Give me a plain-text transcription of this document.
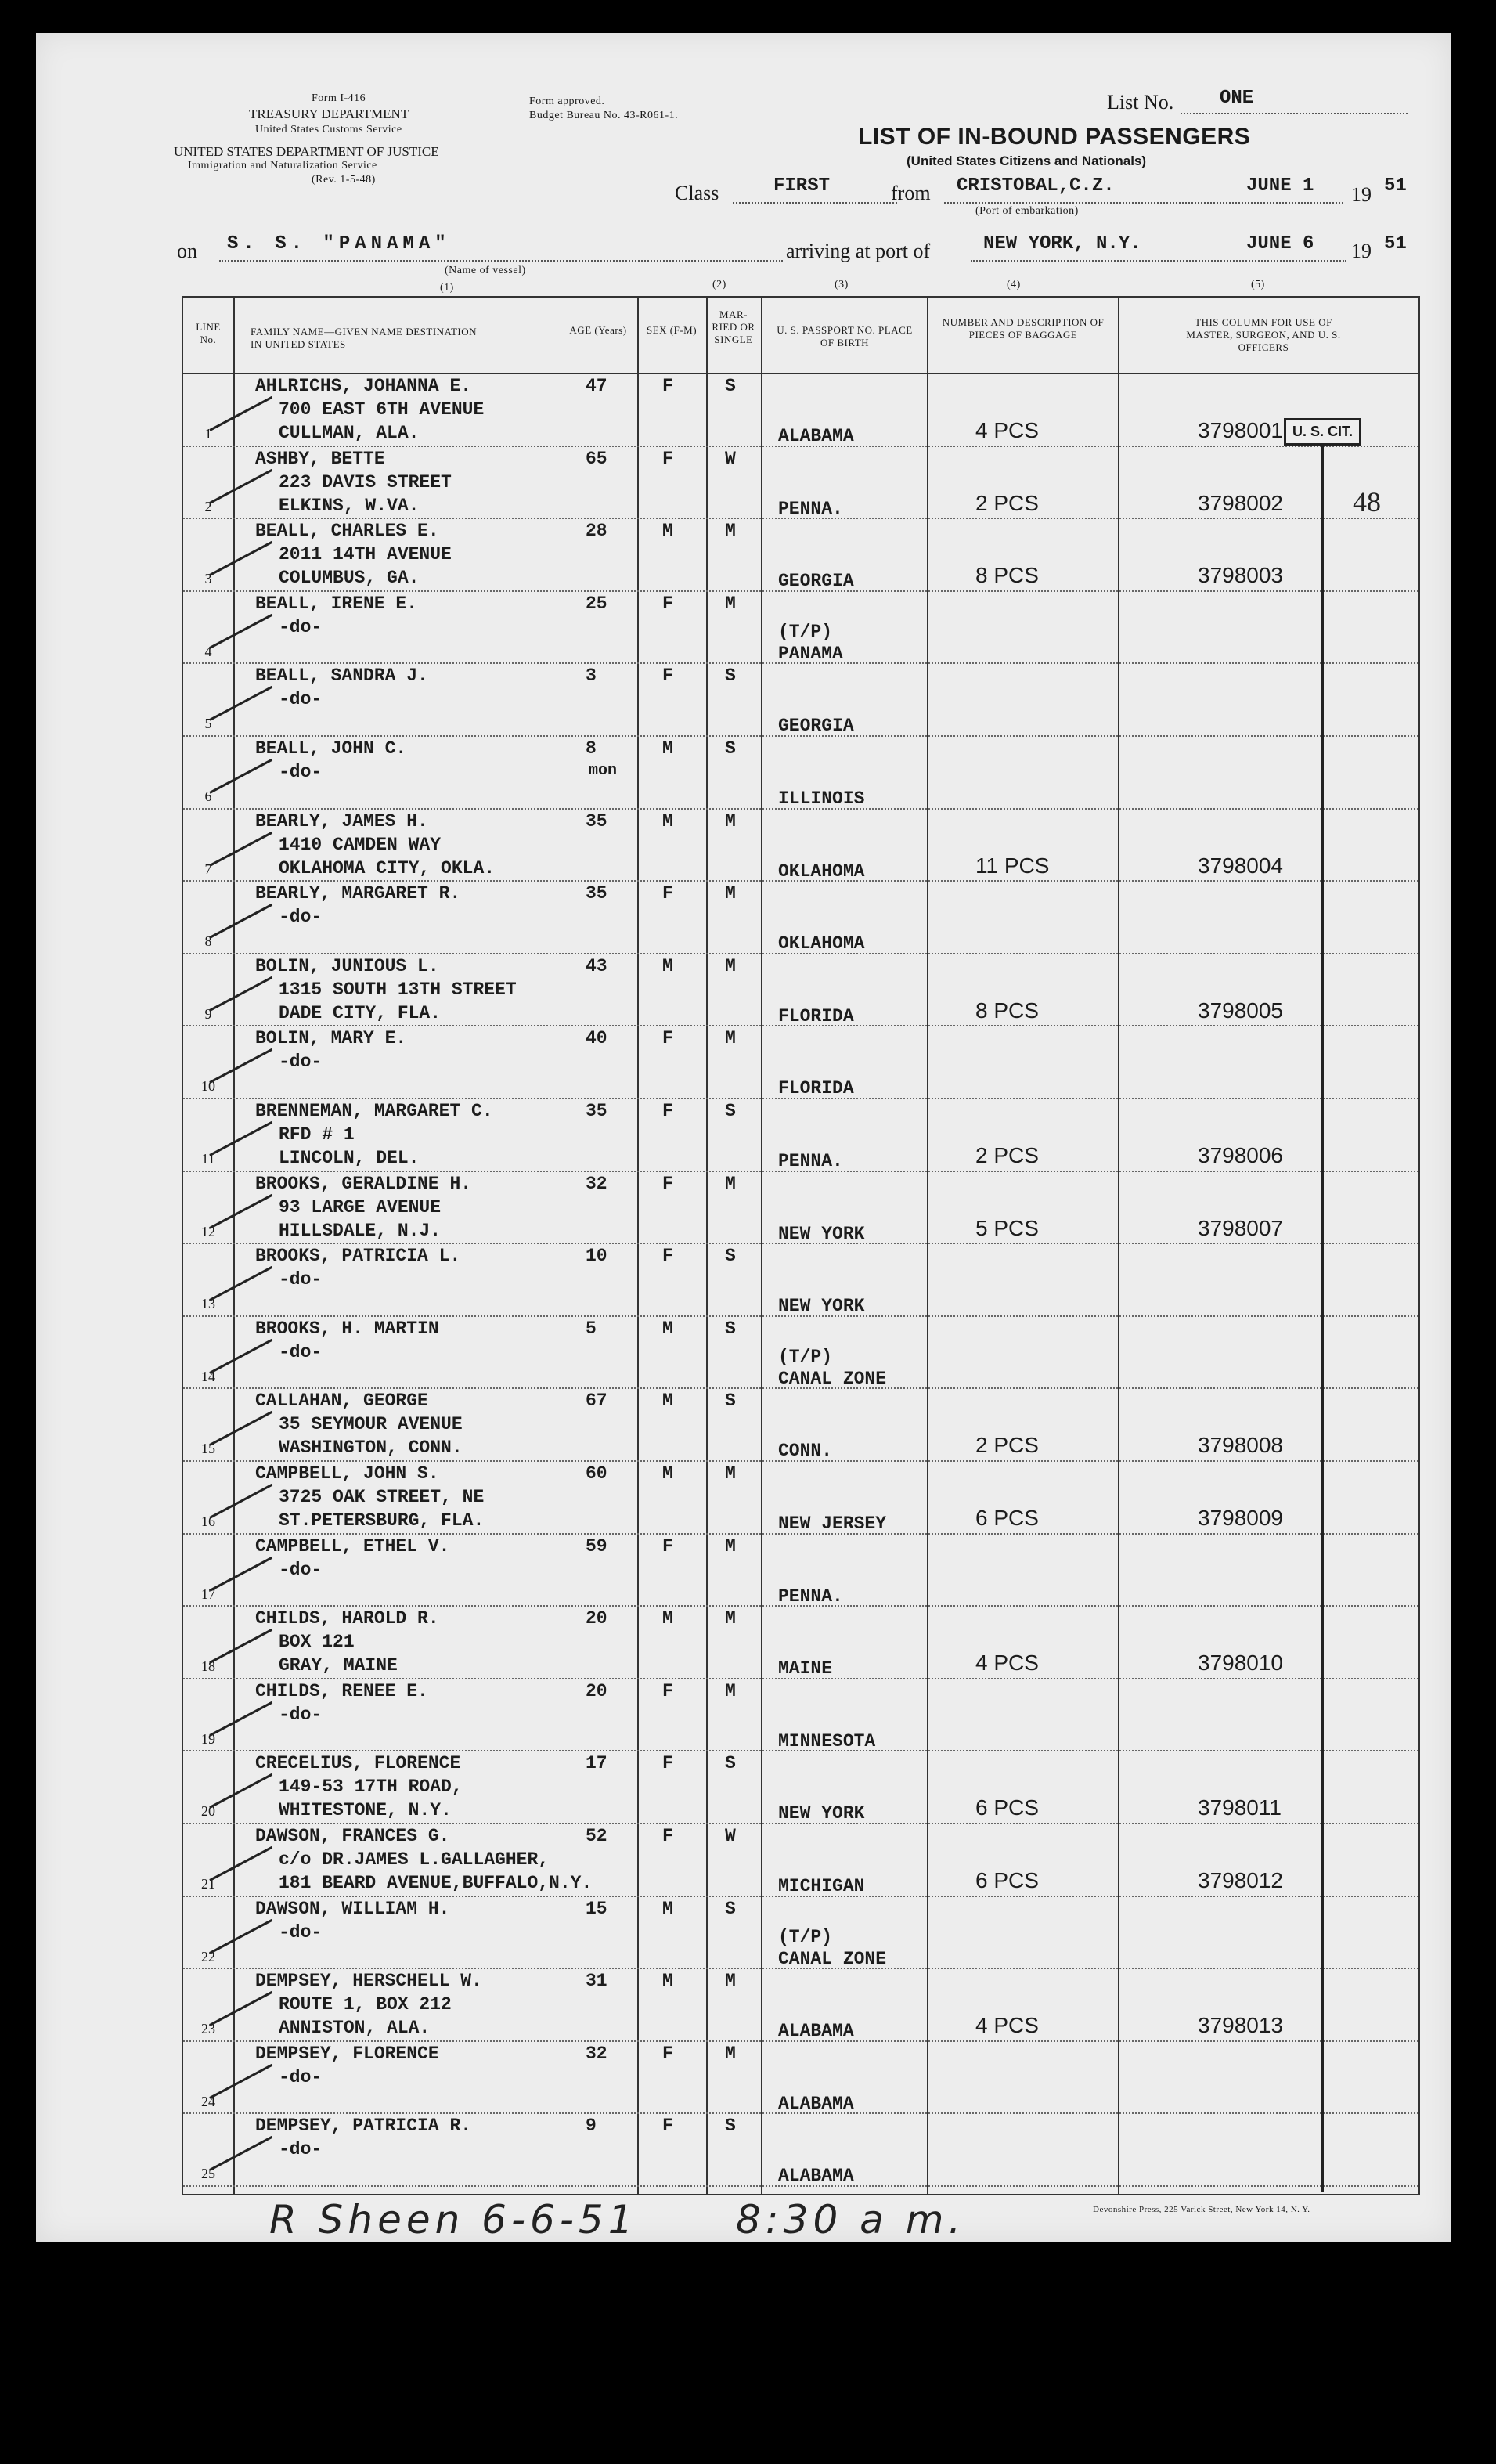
Form I-416
TREASURY DEPARTMENT
United States Customs Service
UNITED STATES DEPARTMENT OF JUSTICE
Immigration and Naturalization Service
(Rev. 1-5-48)
Form approved.
Budget Bureau No. 43-R061-1.
List No. ONE
LIST OF IN-BOUND PASSENGERS
(United States Citizens and Nationals)
Class	FIRST	from CRISTOBAL,C.Z.
(Port of embarkation)
JUNE 1 19 51
on S. S. "PANAMA"
(Name of vessel)
arriving at port of	NEW YORK, N.Y.	JUNE 6 19 51
(1)	(2)	(3)	(4)	(5)
LINE No.
FAMILY NAME—GIVEN NAME DESTINATION IN UNITED STATES
AGE (Years)	SEX (F-M)
MAR- RIED OR SINGLE
U. S. PASSPORT NO. PLACE OF BIRTH
NUMBER AND DESCRIPTION OF PIECES OF BAGGAGE
THIS COLUMN FOR USE OF MASTER, SURGEON, AND U. S. OFFICERS
1
AHLRICHS, JOHANNA E.
700 EAST 6TH AVENUE
CULLMAN, ALA.
47	F	S
ALABAMA	4 PCS	3798001
2
ASHBY, BETTE
223 DAVIS STREET
ELKINS, W.VA.
65	F	W
PENNA.	2 PCS	3798002
3
BEALL, CHARLES E.
2011 14TH AVENUE
COLUMBUS, GA.
28	M	M
GEORGIA	8 PCS	3798003
4
BEALL, IRENE E.
-do-
25	F	M
(T/P)
PANAMA
5
BEALL, SANDRA J.
-do-
3	F	S
GEORGIA
6
BEALL, JOHN C.
-do-
8
mon
M	S
ILLINOIS
7
BEARLY, JAMES H.
1410 CAMDEN WAY
OKLAHOMA CITY, OKLA.
35	M	M
OKLAHOMA	11 PCS	3798004
8
BEARLY, MARGARET R.
-do-
35	F	M
OKLAHOMA
9
BOLIN, JUNIOUS L.
1315 SOUTH 13TH STREET
DADE CITY, FLA.
43	M	M
FLORIDA	8 PCS	3798005
10
BOLIN, MARY E.
-do-
40	F	M
FLORIDA
11
BRENNEMAN, MARGARET C.
RFD # 1
LINCOLN, DEL.
35	F	S
PENNA.	2 PCS	3798006
12
BROOKS, GERALDINE H.
93 LARGE AVENUE
HILLSDALE, N.J.
32	F	M
NEW YORK	5 PCS	3798007
13
BROOKS, PATRICIA L.
-do-
10	F	S
NEW YORK
14
BROOKS, H. MARTIN
-do-
5	M	S
(T/P)
CANAL ZONE
15
CALLAHAN, GEORGE
35 SEYMOUR AVENUE
WASHINGTON, CONN.
67	M	S
CONN.	2 PCS	3798008
16
CAMPBELL, JOHN S.
3725 OAK STREET, NE
ST.PETERSBURG, FLA.
60	M	M
NEW JERSEY	6 PCS	3798009
17
CAMPBELL, ETHEL V.
-do-
59	F	M
PENNA.
18
CHILDS, HAROLD R.
BOX 121
GRAY, MAINE
20	M	M
MAINE	4 PCS	3798010
19
CHILDS, RENEE E.
-do-
20	F	M
MINNESOTA
20
CRECELIUS, FLORENCE
149-53 17TH ROAD,
WHITESTONE, N.Y.
17	F	S
NEW YORK	6 PCS	3798011
21
DAWSON, FRANCES G.
c/o DR.JAMES L.GALLAGHER,
181 BEARD AVENUE,BUFFALO,N.Y.
52	F	W
MICHIGAN	6 PCS	3798012
22
DAWSON, WILLIAM H.
-do-
15	M	S
(T/P)
CANAL ZONE
23
DEMPSEY, HERSCHELL W.
ROUTE 1, BOX 212
ANNISTON, ALA.
31	M	M
ALABAMA	4 PCS	3798013
24
DEMPSEY, FLORENCE
-do-
32	F	M
ALABAMA
25
DEMPSEY, PATRICIA R.
-do-
9	F	S
ALABAMA
U. S. CIT.
48
R Sheen 6-6-51	8:30 a m.	Devonshire Press, 225 Varick Street, New York 14, N. Y.
